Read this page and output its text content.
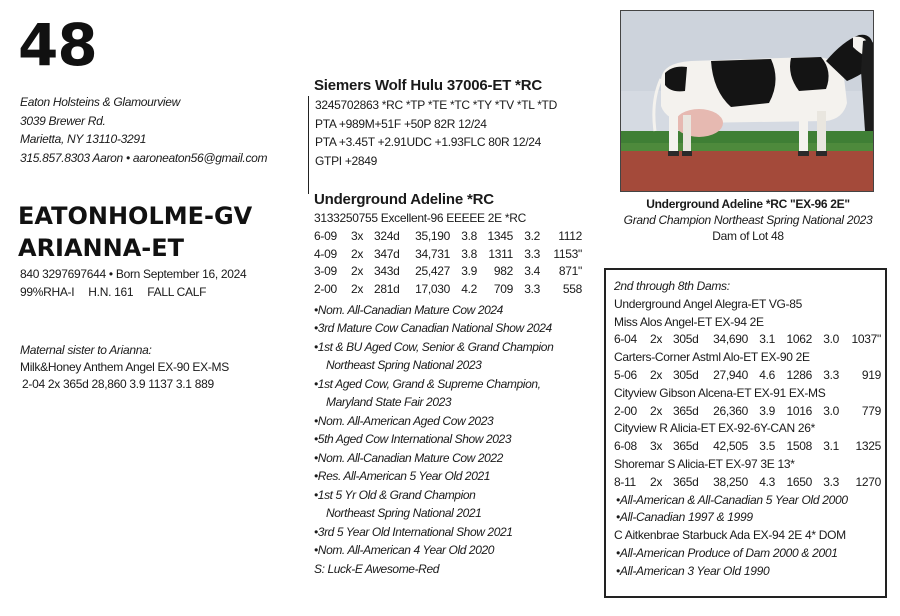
48
Eaton Holsteins & Glamourview
3039 Brewer Rd.
Marietta, NY 13110-3291
315.857.8303 Aaron • aaroneaton56@gmail.com
EATONHOLME-GV
ARIANNA-ET
840 3297697644 • Born September 16, 2024
99%RHA-I H.N. 161 FALL CALF
Maternal sister to Arianna:
Milk&Honey Anthem Angel EX-90 EX-MS
2-04 2x 365d 28,860 3.9 1137 3.1 889
Siemers Wolf Hulu 37006-ET *RC
3245702863 *RC *TP *TE *TC *TY *TV *TL *TD
PTA +989M+51F +50P 82R 12/24
PTA +3.45T +2.91UDC +1.93FLC 80R 12/24
GTPI +2849
Underground Adeline *RC
3133250755 Excellent-96 EEEEE 2E *RC
6-09	3x 324d	35,190 3.8 1345 3.2	1112
4-09	2x 347d	34,731 3.8 1311 3.3	1153"
3-09	2x 343d	25,427 3.9	982 3.4	871"
2-00	2x 281d	17,030 4.2	709 3.3	558
•Nom. All-Canadian Mature Cow 2024
•3rd Mature Cow Canadian National Show 2024
•1st & BU Aged Cow, Senior & Grand Champion
Northeast Spring National 2023
•1st Aged Cow, Grand & Supreme Champion,
Maryland State Fair 2023
•Nom. All-American Aged Cow 2023
•5th Aged Cow International Show 2023
•Nom. All-Canadian Mature Cow 2022
•Res. All-American 5 Year Old 2021
•1st 5 Yr Old & Grand Champion
Northeast Spring National 2021
•3rd 5 Year Old International Show 2021
•Nom. All-American 4 Year Old 2020
S: Luck-E Awesome-Red
Underground Adeline *RC "EX-96 2E"
Grand Champion Northeast Spring National 2023
Dam of Lot 48
2nd through 8th Dams:
Underground Angel Alegra-ET VG-85
Miss Alos Angel-ET EX-94 2E
6-04	2x 305d	34,690 3.1 1062 3.0	1037"
Carters-Corner Astml Alo-ET EX-90 2E
5-06	2x 305d	27,940 4.6 1286 3.3	919
Cityview Gibson Alcena-ET EX-91 EX-MS
2-00	2x 365d	26,360 3.9 1016 3.0	779
Cityview R Alicia-ET EX-92-6Y-CAN 26*
6-08	3x 365d	42,505 3.5 1508 3.1	1325
Shoremar S Alicia-ET EX-97 3E 13*
8-11	2x 365d	38,250 4.3 1650 3.3	1270
•All-American & All-Canadian 5 Year Old 2000
•All-Canadian 1997 & 1999
C Aitkenbrae Starbuck Ada EX-94 2E 4* DOM
•All-American Produce of Dam 2000 & 2001
•All-American 3 Year Old 1990
